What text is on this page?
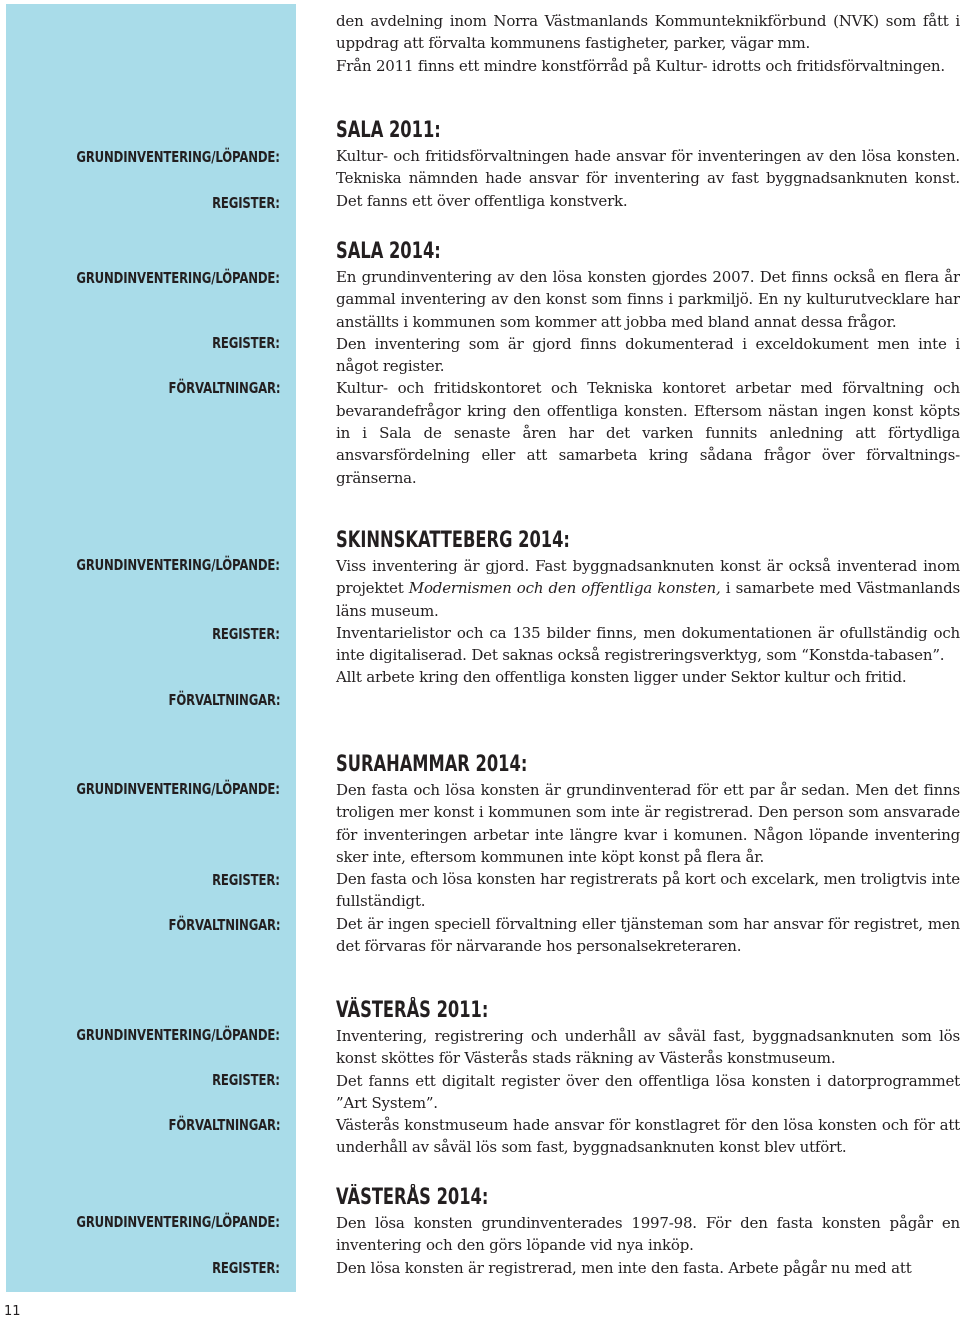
den avdelning inom Norra Västmanlands Kommunteknikförbund (NVK) som fått i uppdrag att förvalta kommunens fastigheter, parker, vägar mm.

Från 2011 finns ett mindre konstförråd på Kultur- idrotts och fritidsförvaltningen.

GRUNDINVENTERING/LÖPANDE:
REGISTER:
SALA 2011:

Kultur- och fritidsförvaltningen hade ansvar för inventeringen av den lösa konsten. Tekniska nämnden hade ansvar för inventering av fast byggnadsanknuten konst. Det fanns ett över offentliga konstverk.

GRUNDINVENTERING/LÖPANDE:
REGISTER:
FÖRVALTNINGAR:
SALA 2014:

En grundinventering av den lösa konsten gjordes 2007. Det finns också en flera år gammal inventering av den konst som finns i parkmiljö. En ny kulturutvecklare har anställts i kommunen som kommer att jobba med bland annat dessa frågor.

Den inventering som är gjord finns dokumenterad i exceldokument men inte i något register.

Kultur- och fritidskontoret och Tekniska kontoret arbetar med förvaltning och bevarandefrågor kring den offentliga konsten. Eftersom nästan ingen konst köpts in i Sala de senaste åren har det varken funnits anledning att förtydliga ansvarsfördelning eller att samarbeta kring sådana frågor över förvaltnings-gränserna.

GRUNDINVENTERING/LÖPANDE:
REGISTER:
FÖRVALTNINGAR:
SKINNSKATTEBERG 2014:

Viss inventering är gjord. Fast byggnadsanknuten konst är också inventerad inom projektet Modernismen och den offentliga konsten, i samarbete med Västmanlands läns museum.

Inventarielistor och ca 135 bilder finns, men dokumentationen är ofullständig och inte digitaliserad. Det saknas också registreringsverktyg, som “Konstda-tabasen”.

Allt arbete kring den offentliga konsten ligger under Sektor kultur och fritid.

GRUNDINVENTERING/LÖPANDE:
REGISTER:
FÖRVALTNINGAR:
SURAHAMMAR 2014:

Den fasta och lösa konsten är grundinventerad för ett par år sedan. Men det finns troligen mer konst i kommunen som inte är registrerad. Den person som ansvarade för inventeringen arbetar inte längre kvar i komunen. Någon löpande inventering sker inte, eftersom kommunen inte köpt konst på flera år.

Den fasta och lösa konsten har registrerats på kort och excelark, men troligtvis inte fullständigt.

Det är ingen speciell förvaltning eller tjänsteman som har ansvar för registret, men det förvaras för närvarande hos personalsekreteraren.

GRUNDINVENTERING/LÖPANDE:
REGISTER:
FÖRVALTNINGAR:
VÄSTERÅS 2011:

Inventering, registrering och underhåll av såväl fast, byggnadsanknuten som lös konst sköttes för Västerås stads räkning av Västerås konstmuseum.

Det fanns ett digitalt register över den offentliga lösa konsten i datorprogrammet ”Art System”.

Västerås konstmuseum hade ansvar för konstlagret för den lösa konsten och för att underhåll av såväl lös som fast, byggnadsanknuten konst blev utfört.

GRUNDINVENTERING/LÖPANDE:
REGISTER:
VÄSTERÅS 2014:

Den lösa konsten grundinventerades 1997-98. För den fasta konsten pågår en inventering och den görs löpande vid nya inköp.

Den lösa konsten är registrerad, men inte den fasta. Arbete pågår nu med att

11
